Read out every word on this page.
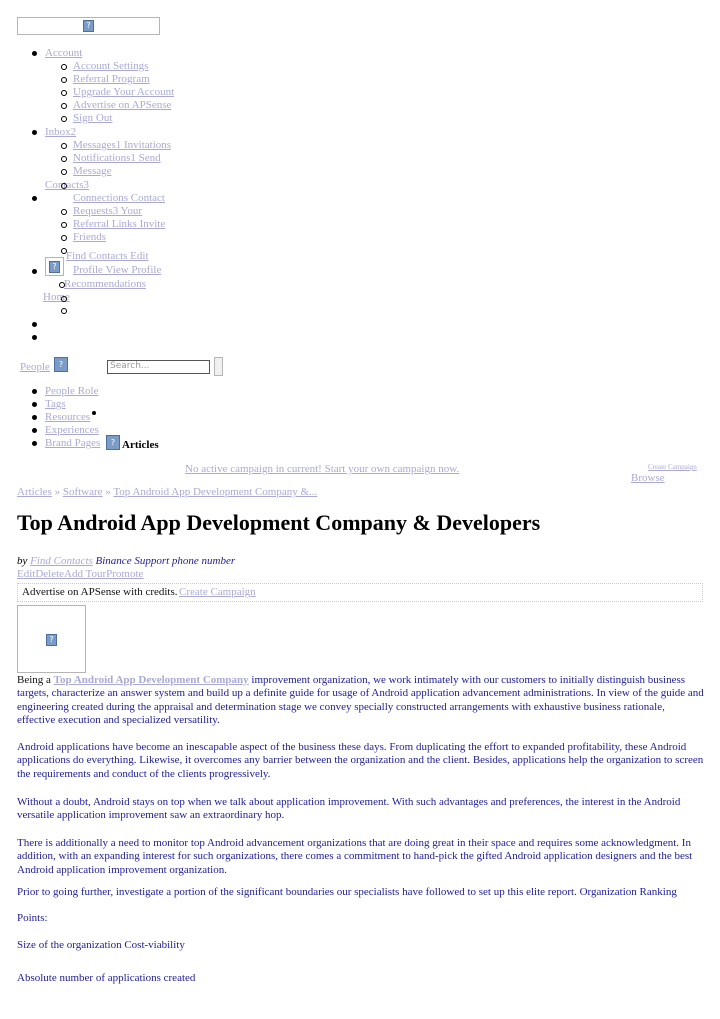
?
Account
Account Settings
Referral Program
Upgrade Your Account
Advertise on APSense
Sign Out
Inbox2
Messages1 Invitations
Notifications1 Send
Message
Contacts3
Connections Contact
Requests3 Your
Referral Links Invite
Friends
Find Contacts Edit
?	Profile View Profile
Recommendations
Home
People	?	Search...
People Role
Tags
Resources
Experiences
Brand Pages	? Articles
No active campaign in current! Start your own campaign now.	Create Campaign
Browse
Articles » Software » Top Android App Development Company &...
Top Android App Development Company & Developers
by Find Contacts Binance Support phone number
EditDeleteAdd TourPromote
Advertise on APSense with credits. Create Campaign
?
Being a Top Android App Development Company improvement organization, we work intimately with our customers to initially distinguish business targets, characterize an answer system and build up a definite guide for usage of Android application advancement administrations. In view of the guide and engineering created during the appraisal and determination stage we convey specially constructed arrangements with exhaustive business rationale, effective execution and specialized versatility.
Android applications have become an inescapable aspect of the business these days. From duplicating the effort to expanded profitability, these Android applications do everything. Likewise, it overcomes any barrier between the organization and the client. Besides, applications help the organization to screen the requirements and conduct of the clients progressively.
Without a doubt, Android stays on top when we talk about application improvement. With such advantages and preferences, the interest in the Android versatile application improvement saw an extraordinary hop.
There is additionally a need to monitor top Android advancement organizations that are doing great in their space and requires some acknowledgment. In addition, with an expanding interest for such organizations, there comes a commitment to hand-pick the gifted Android application designers and the best Android application improvement organization.
Prior to going further, investigate a portion of the significant boundaries our specialists have followed to set up this elite report. Organization Ranking
Points:
Size of the organization Cost-viability
Absolute number of applications created
